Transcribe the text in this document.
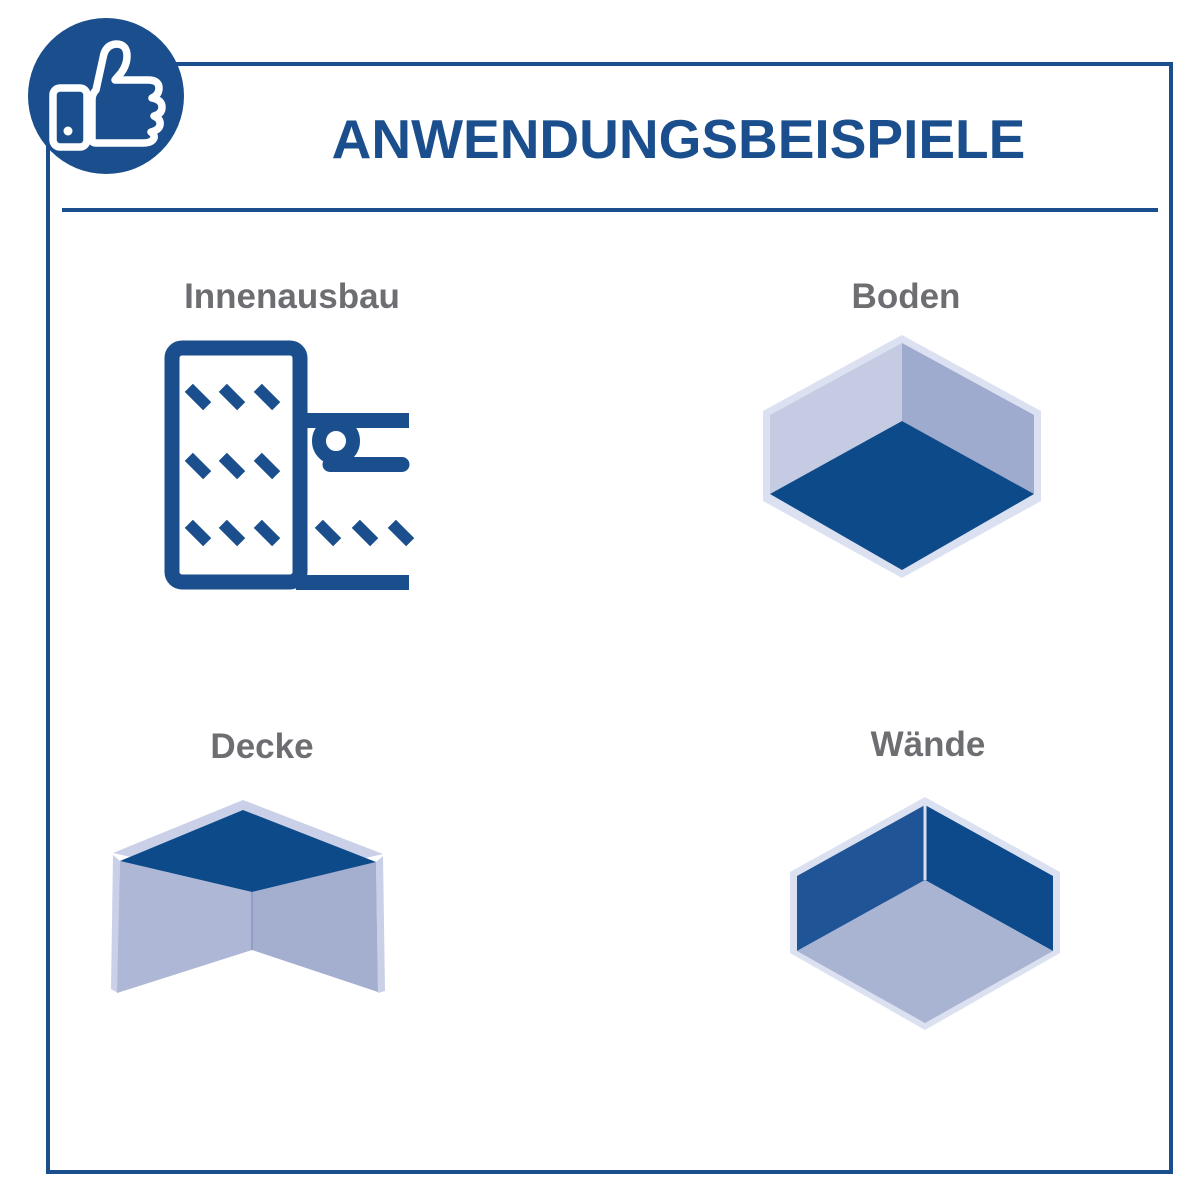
ANWENDUNGSBEISPIELE
Innenausbau	Boden
Decke	Wände
